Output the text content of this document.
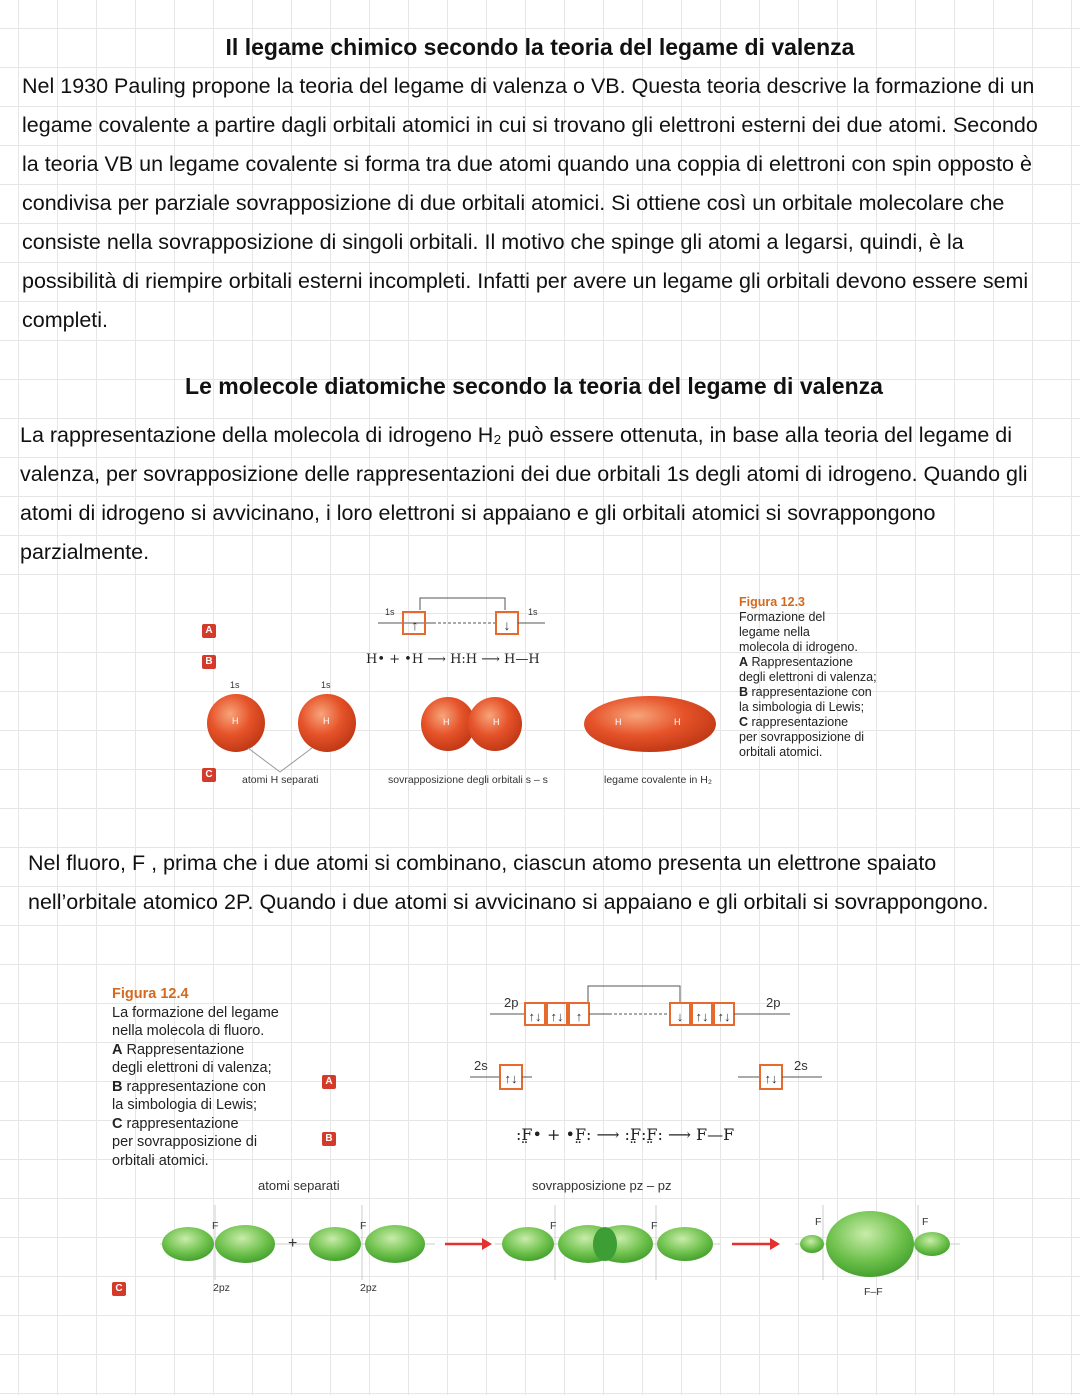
Il legame chimico secondo la teoria del legame di valenza

Nel 1930 Pauling propone la teoria del legame di valenza o VB. Questa teoria descrive la formazione di un legame covalente a partire dagli orbitali atomici in cui si trovano gli elettroni esterni dei due atomi. Secondo la teoria VB un legame covalente si forma tra due atomi quando una coppia di elettroni con spin opposto è condivisa per parziale sovrapposizione di due orbitali atomici. Si ottiene così un orbitale molecolare che consiste nella sovrapposizione di singoli orbitali. Il motivo che spinge gli atomi a legarsi, quindi, è la possibilità di riempire orbitali esterni incompleti. Infatti per avere un legame gli orbitali devono essere semi completi.

Le molecole diatomiche secondo la teoria del legame di valenza

La rappresentazione della molecola di idrogeno H₂ può essere ottenuta, in base alla teoria del legame di valenza, per sovrapposizione delle rappresentazioni dei due orbitali 1s degli atomi di idrogeno. Quando gli atomi di idrogeno si avvicinano, i loro elettroni si appaiano e gli orbitali atomici si sovrappongono parzialmente.

↑	↓
A
B
C
1s	1s
H• + •H ⟶ H:H ⟶ H—H
1s	1s
H	H	H	H	H	H
atomi H separati	sovrapposizione degli orbitali s – s	legame covalente in H₂
Figura 12.3
Formazione del
legame nella
molecola di idrogeno.
A Rappresentazione
degli elettroni di valenza;
B rappresentazione con
la simbologia di Lewis;
C rappresentazione
per sovrapposizione di
orbitali atomici.

Nel fluoro, F , prima che i due atomi si combinano, ciascun atomo presenta un elettrone spaiato nell’orbitale atomico 2P. Quando i due atomi si avvicinano si appaiano e gli orbitali si sovrappongono.

↑↓ ↑↓ ↑	↓ ↑↓ ↑↓
↑↓	↑↓
Figura 12.4
La formazione del legame
nella molecola di fluoro.
A Rappresentazione
degli elettroni di valenza;
B rappresentazione con
la simbologia di Lewis;
C rappresentazione
per sovrapposizione di
orbitali atomici.
A
B
C
2p	2p
2s	2s
:F̤• + •F̤: ⟶ :F̤:F̤: ⟶ F—F
atomi separati	sovrapposizione pz – pz
F	F	F	F	F	F
+
2pz	2pz	F–F
